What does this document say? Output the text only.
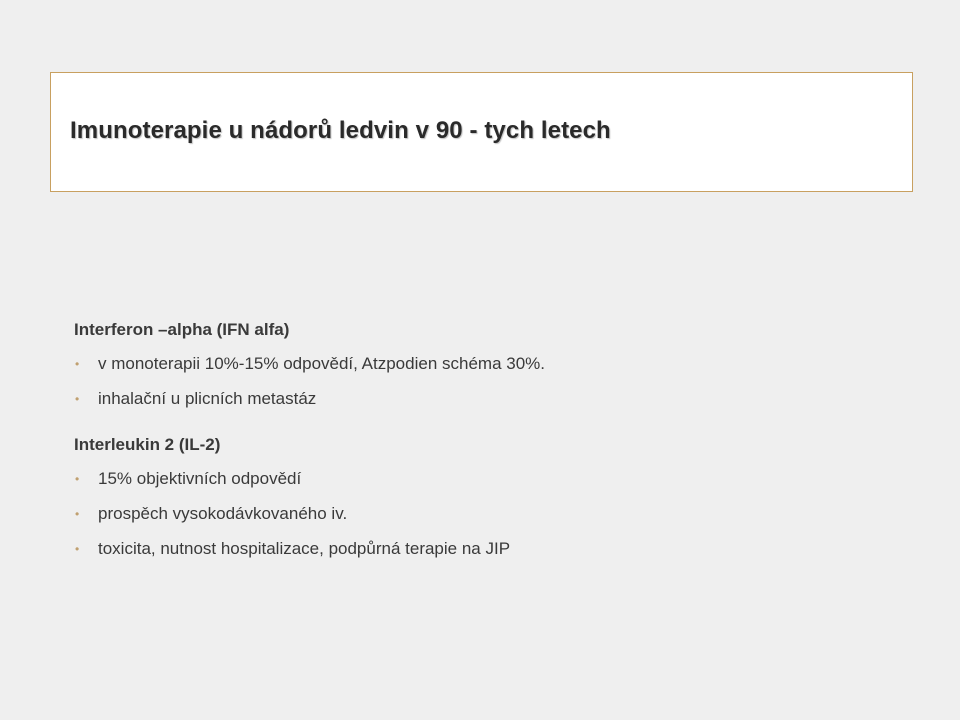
Imunoterapie u nádorů ledvin v 90 - tych letech
Interferon –alpha (IFN alfa)
• v monoterapii 10%-15% odpovědí, Atzpodien schéma 30%.
• inhalační u plicních metastáz
Interleukin 2 (IL-2)
• 15% objektivních odpovědí
• prospěch vysokodávkovaného iv.
• toxicita, nutnost hospitalizace, podpůrná terapie na JIP
